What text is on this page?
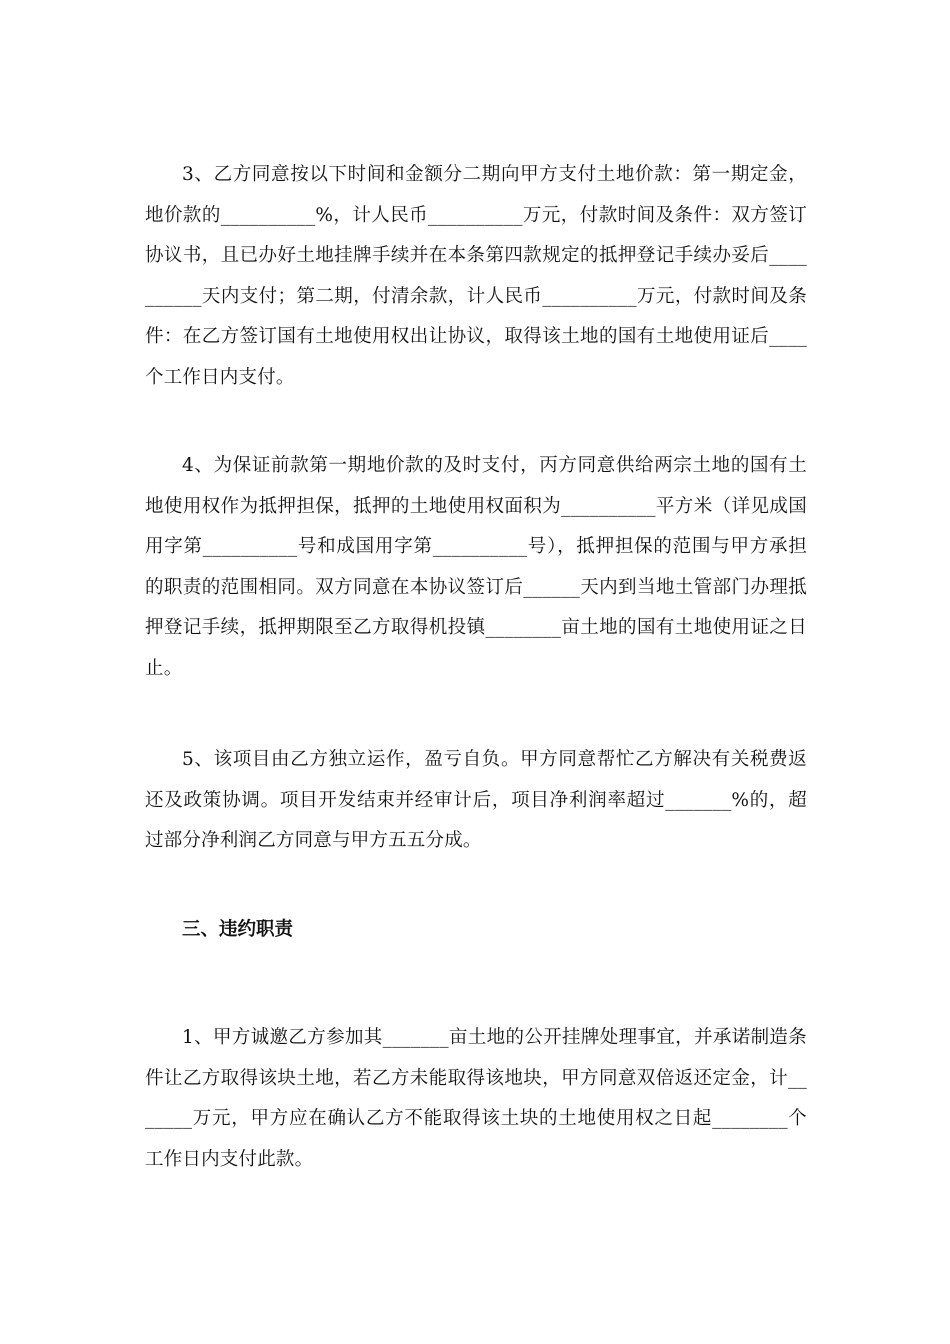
3、乙方同意按以下时间和金额分二期向甲方支付土地价款：第一期定金，地价款的__________%，计人民币__________万元，付款时间及条件：双方签订协议书，且已办好土地挂牌手续并在本条第四款规定的抵押登记手续办妥后__________天内支付；第二期，付清余款，计人民币__________万元，付款时间及条件：在乙方签订国有土地使用权出让协议，取得该土地的国有土地使用证后____个工作日内支付。

4、为保证前款第一期地价款的及时支付，丙方同意供给两宗土地的国有土地使用权作为抵押担保，抵押的土地使用权面积为__________平方米（详见成国用字第__________号和成国用字第__________号），抵押担保的范围与甲方承担的职责的范围相同。双方同意在本协议签订后______天内到当地土管部门办理抵押登记手续，抵押期限至乙方取得机投镇________亩土地的国有土地使用证之日止。

5、该项目由乙方独立运作，盈亏自负。甲方同意帮忙乙方解决有关税费返还及政策协调。项目开发结束并经审计后，项目净利润率超过_______%的，超过部分净利润乙方同意与甲方五五分成。

三、违约职责

1、甲方诚邀乙方参加其_______亩土地的公开挂牌处理事宜，并承诺制造条件让乙方取得该块土地，若乙方未能取得该地块，甲方同意双倍返还定金，计_______万元，甲方应在确认乙方不能取得该土块的土地使用权之日起________个工作日内支付此款。
